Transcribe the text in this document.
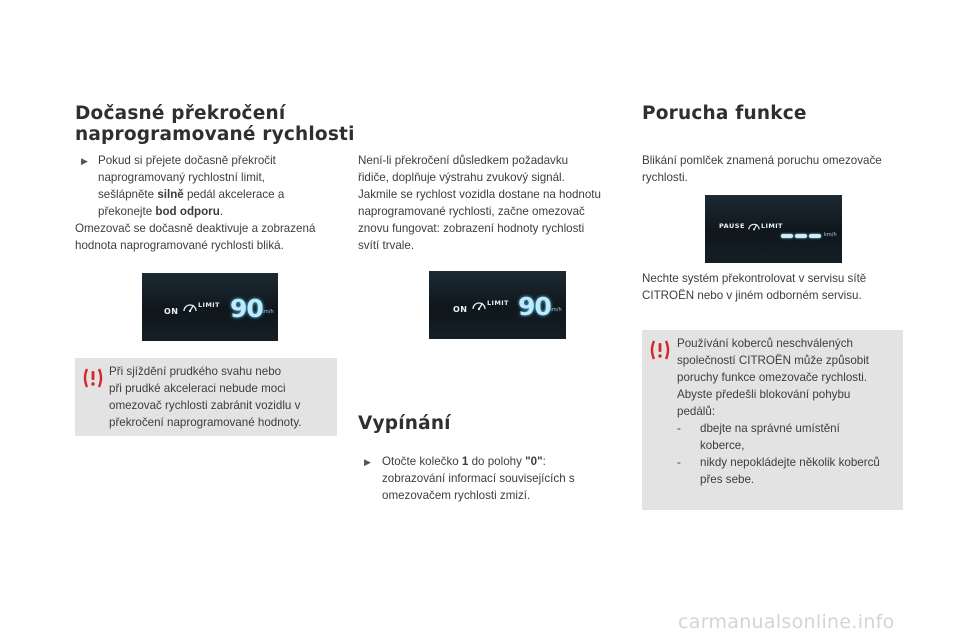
Dočasné překročení
naprogramované rychlosti
▶︎ Pokud si přejete dočasně překročit
naprogramovaný rychlostní limit,
sešlápněte silně pedál akcelerace a
překonejte bod odporu.
Omezovač se dočasně deaktivuje a zobrazená
hodnota naprogramované rychlosti bliká.
ON
LIMIT 90
km/h
Při sjíždění prudkého svahu nebo
při prudké akceleraci nebude moci
omezovač rychlosti zabránit vozidlu v
překročení naprogramované hodnoty.
Není-li překročení důsledkem požadavku
řidiče, doplňuje výstrahu zvukový signál.
Jakmile se rychlost vozidla dostane na hodnotu
naprogramované rychlosti, začne omezovač
znovu fungovat: zobrazení hodnoty rychlosti
svítí trvale.
ON
LIMIT 90
km/h
Vypínání
▶︎ Otočte kolečko 1 do polohy "0":
zobrazování informací souvisejících s
omezovačem rychlosti zmizí.
Porucha funkce
Blikání pomlček znamená poruchu omezovače
rychlosti.
PAUSE LIMIT
km/h
Nechte systém překontrolovat v servisu sítě
CITROËN nebo v jiném odborném servisu.
Používání koberců neschválených
společností CITROËN může způsobit
poruchy funkce omezovače rychlosti.
Abyste předešli blokování pohybu
pedálů:
-	dbejte na správné umístění
koberce,
-	nikdy nepokládejte několik koberců
přes sebe.
carmanualsonline.info
